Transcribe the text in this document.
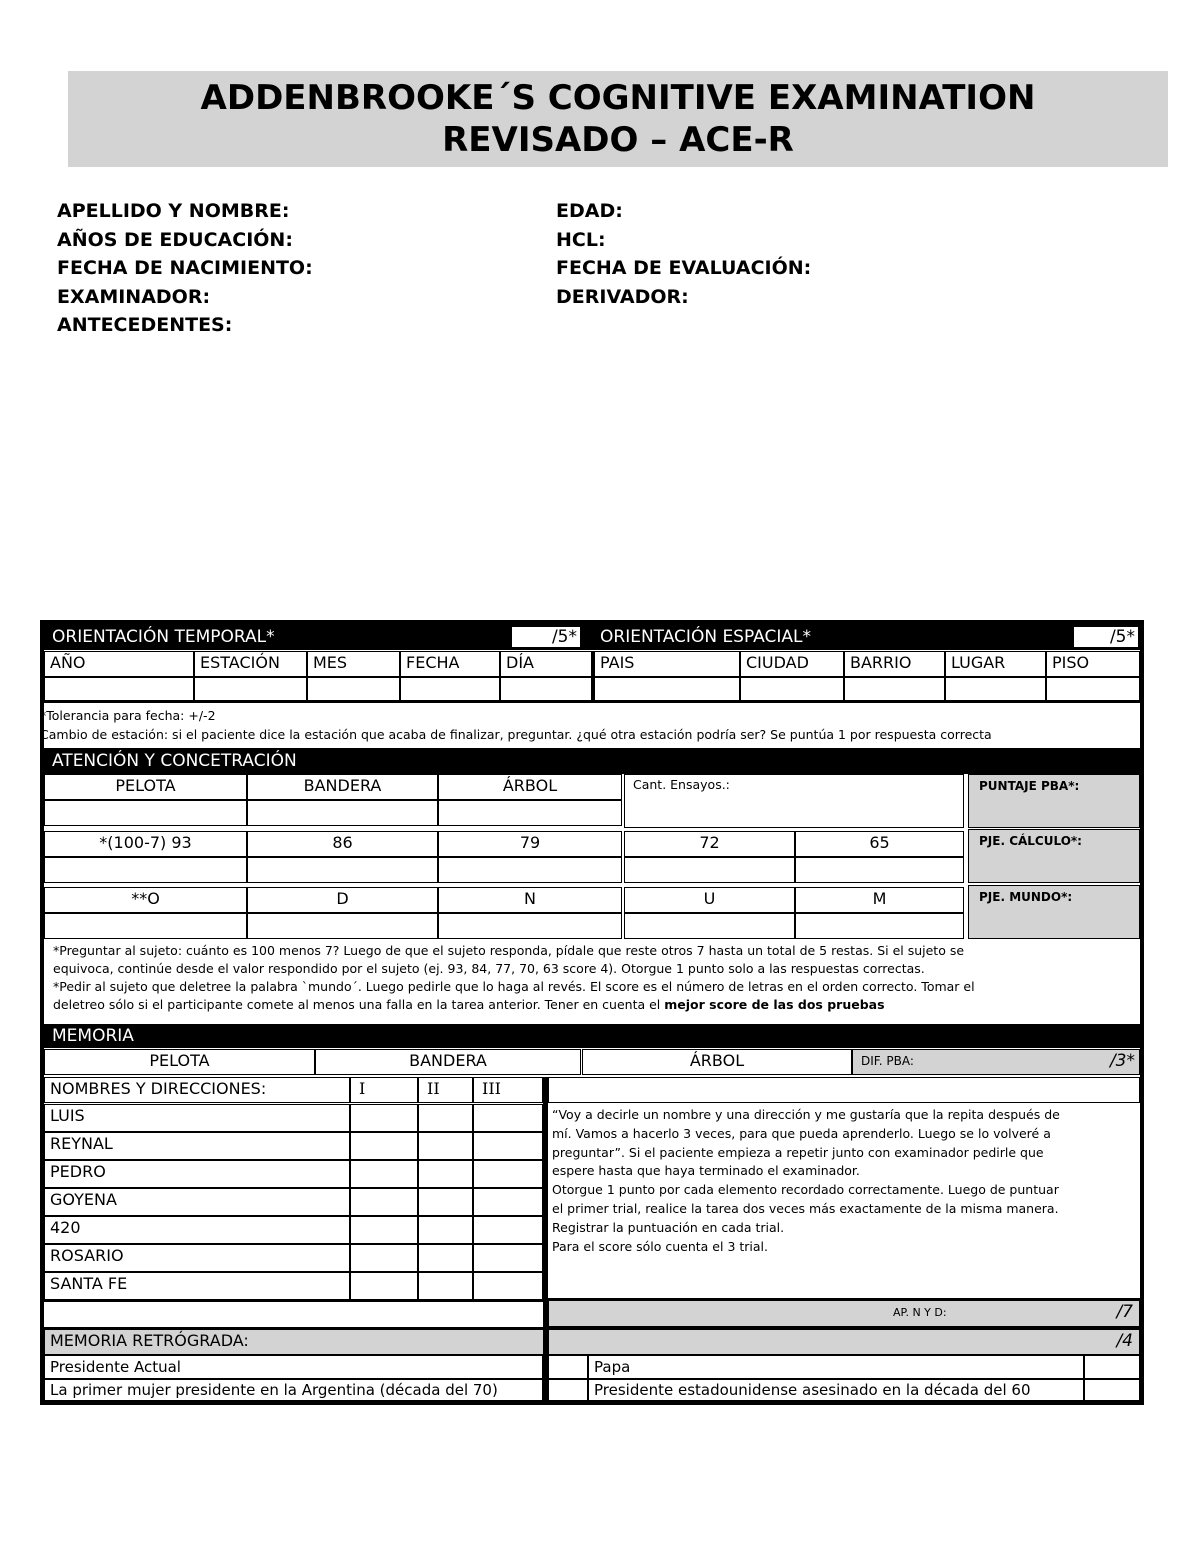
ADDENBROOKE´S COGNITIVE EXAMINATION
REVISADO – ACE-R
APELLIDO Y NOMBRE:
AÑOS DE EDUCACIÓN:
FECHA DE NACIMIENTO:
EXAMINADOR:
ANTECEDENTES:
EDAD:
HCL:
FECHA DE EVALUACIÓN:
DERIVADOR:
ORIENTACIÓN TEMPORAL*	ORIENTACIÓN ESPACIAL*
/5*	/5*
AÑO	ESTACIÓN	MES	FECHA	DÍA	PAIS	CIUDAD	BARRIO	LUGAR	PISO
*Tolerancia para fecha: +/-2
Cambio de estación: si el paciente dice la estación que acaba de finalizar, preguntar. ¿qué otra estación podría ser? Se puntúa 1 por respuesta correcta
ATENCIÓN Y CONCETRACIÓN
PELOTA	BANDERA	ÁRBOL	Cant. Ensayos.:
*(100-7) 93	86	79	72	65
**O	D	N	U	M
PUNTAJE PBA*:
PJE. CÁLCULO*:
PJE. MUNDO*:
*Preguntar al sujeto: cuánto es 100 menos 7? Luego de que el sujeto responda, pídale que reste otros 7 hasta un total de 5 restas. Si el sujeto se
equivoca, continúe desde el valor respondido por el sujeto (ej. 93, 84, 77, 70, 63 score 4). Otorgue 1 punto solo a las respuestas correctas.
*Pedir al sujeto que deletree la palabra `mundo´. Luego pedirle que lo haga al revés. El score es el número de letras en el orden correcto. Tomar el
deletreo sólo si el participante comete al menos una falla en la tarea anterior. Tener en cuenta el mejor score de las dos pruebas
MEMORIA
PELOTA	BANDERA	ÁRBOL	DIF. PBA:	/3*
NOMBRES Y DIRECCIONES:	I	II	III
LUIS
REYNAL
PEDRO
GOYENA
420
ROSARIO
SANTA FE
“Voy a decirle un nombre y una dirección y me gustaría que la repita después de
mí. Vamos a hacerlo 3 veces, para que pueda aprenderlo. Luego se lo volveré a
preguntar”. Si el paciente empieza a repetir junto con examinador pedirle que
espere hasta que haya terminado el examinador.
Otorgue 1 punto por cada elemento recordado correctamente. Luego de puntuar
el primer trial, realice la tarea dos veces más exactamente de la misma manera.
Registrar la puntuación en cada trial.
Para el score sólo cuenta el 3 trial.
AP. N Y D:	/7
MEMORIA RETRÓGRADA:	/4
Presidente Actual	Papa
La primer mujer presidente en la Argentina (década del 70)	Presidente estadounidense asesinado en la década del 60
